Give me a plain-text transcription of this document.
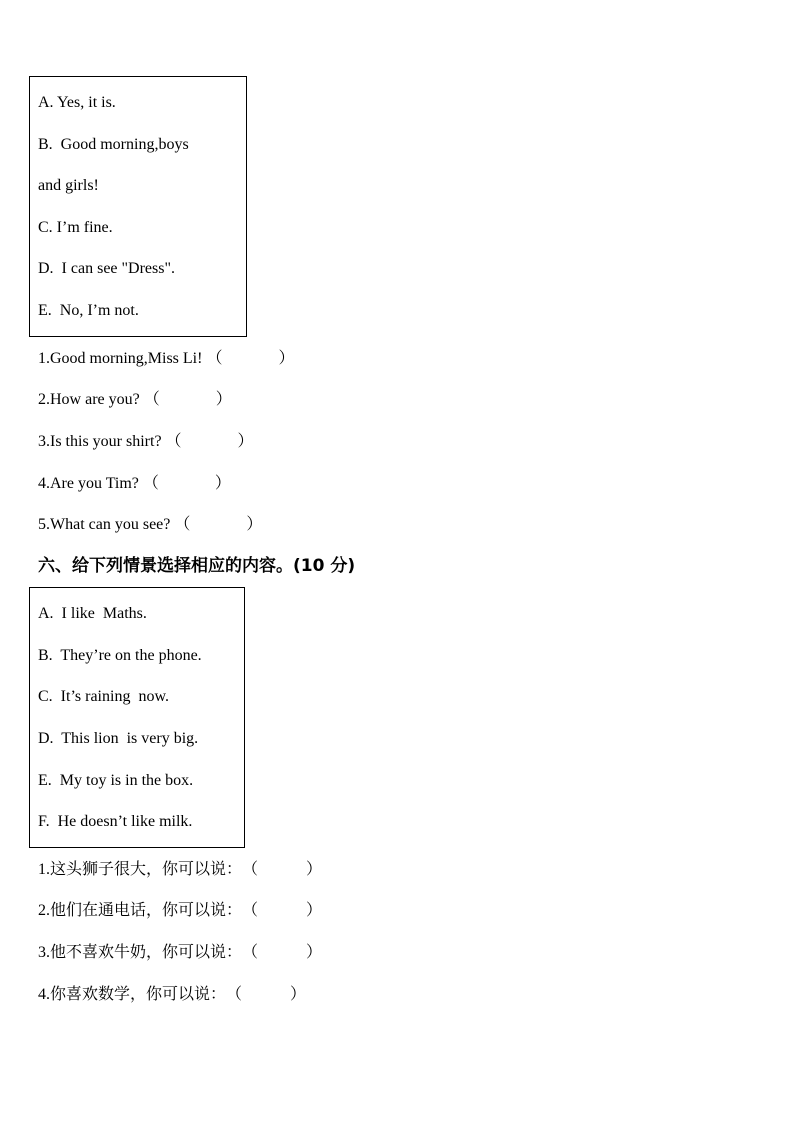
A. Yes, it is.
B.  Good morning,boys
and girls!
C. I’m fine.
D.  I can see "Dress".
E.  No, I’m not.
1.Good morning,Miss Li! （              ）
2.How are you? （              ）
3.Is this your shirt? （              ）
4.Are you Tim? （              ）
5.What can you see? （              ）
六、给下列情景选择相应的内容。(10 分)
A.  I like  Maths.
B.  They’re on the phone.
C.  It’s raining  now.
D.  This lion  is very big.
E.  My toy is in the box.
F.  He doesn’t like milk.
1.这头狮子很大，你可以说：（            ）
2.他们在通电话，你可以说：（            ）
3.他不喜欢牛奶，你可以说：（            ）
4.你喜欢数学，你可以说：（            ）
